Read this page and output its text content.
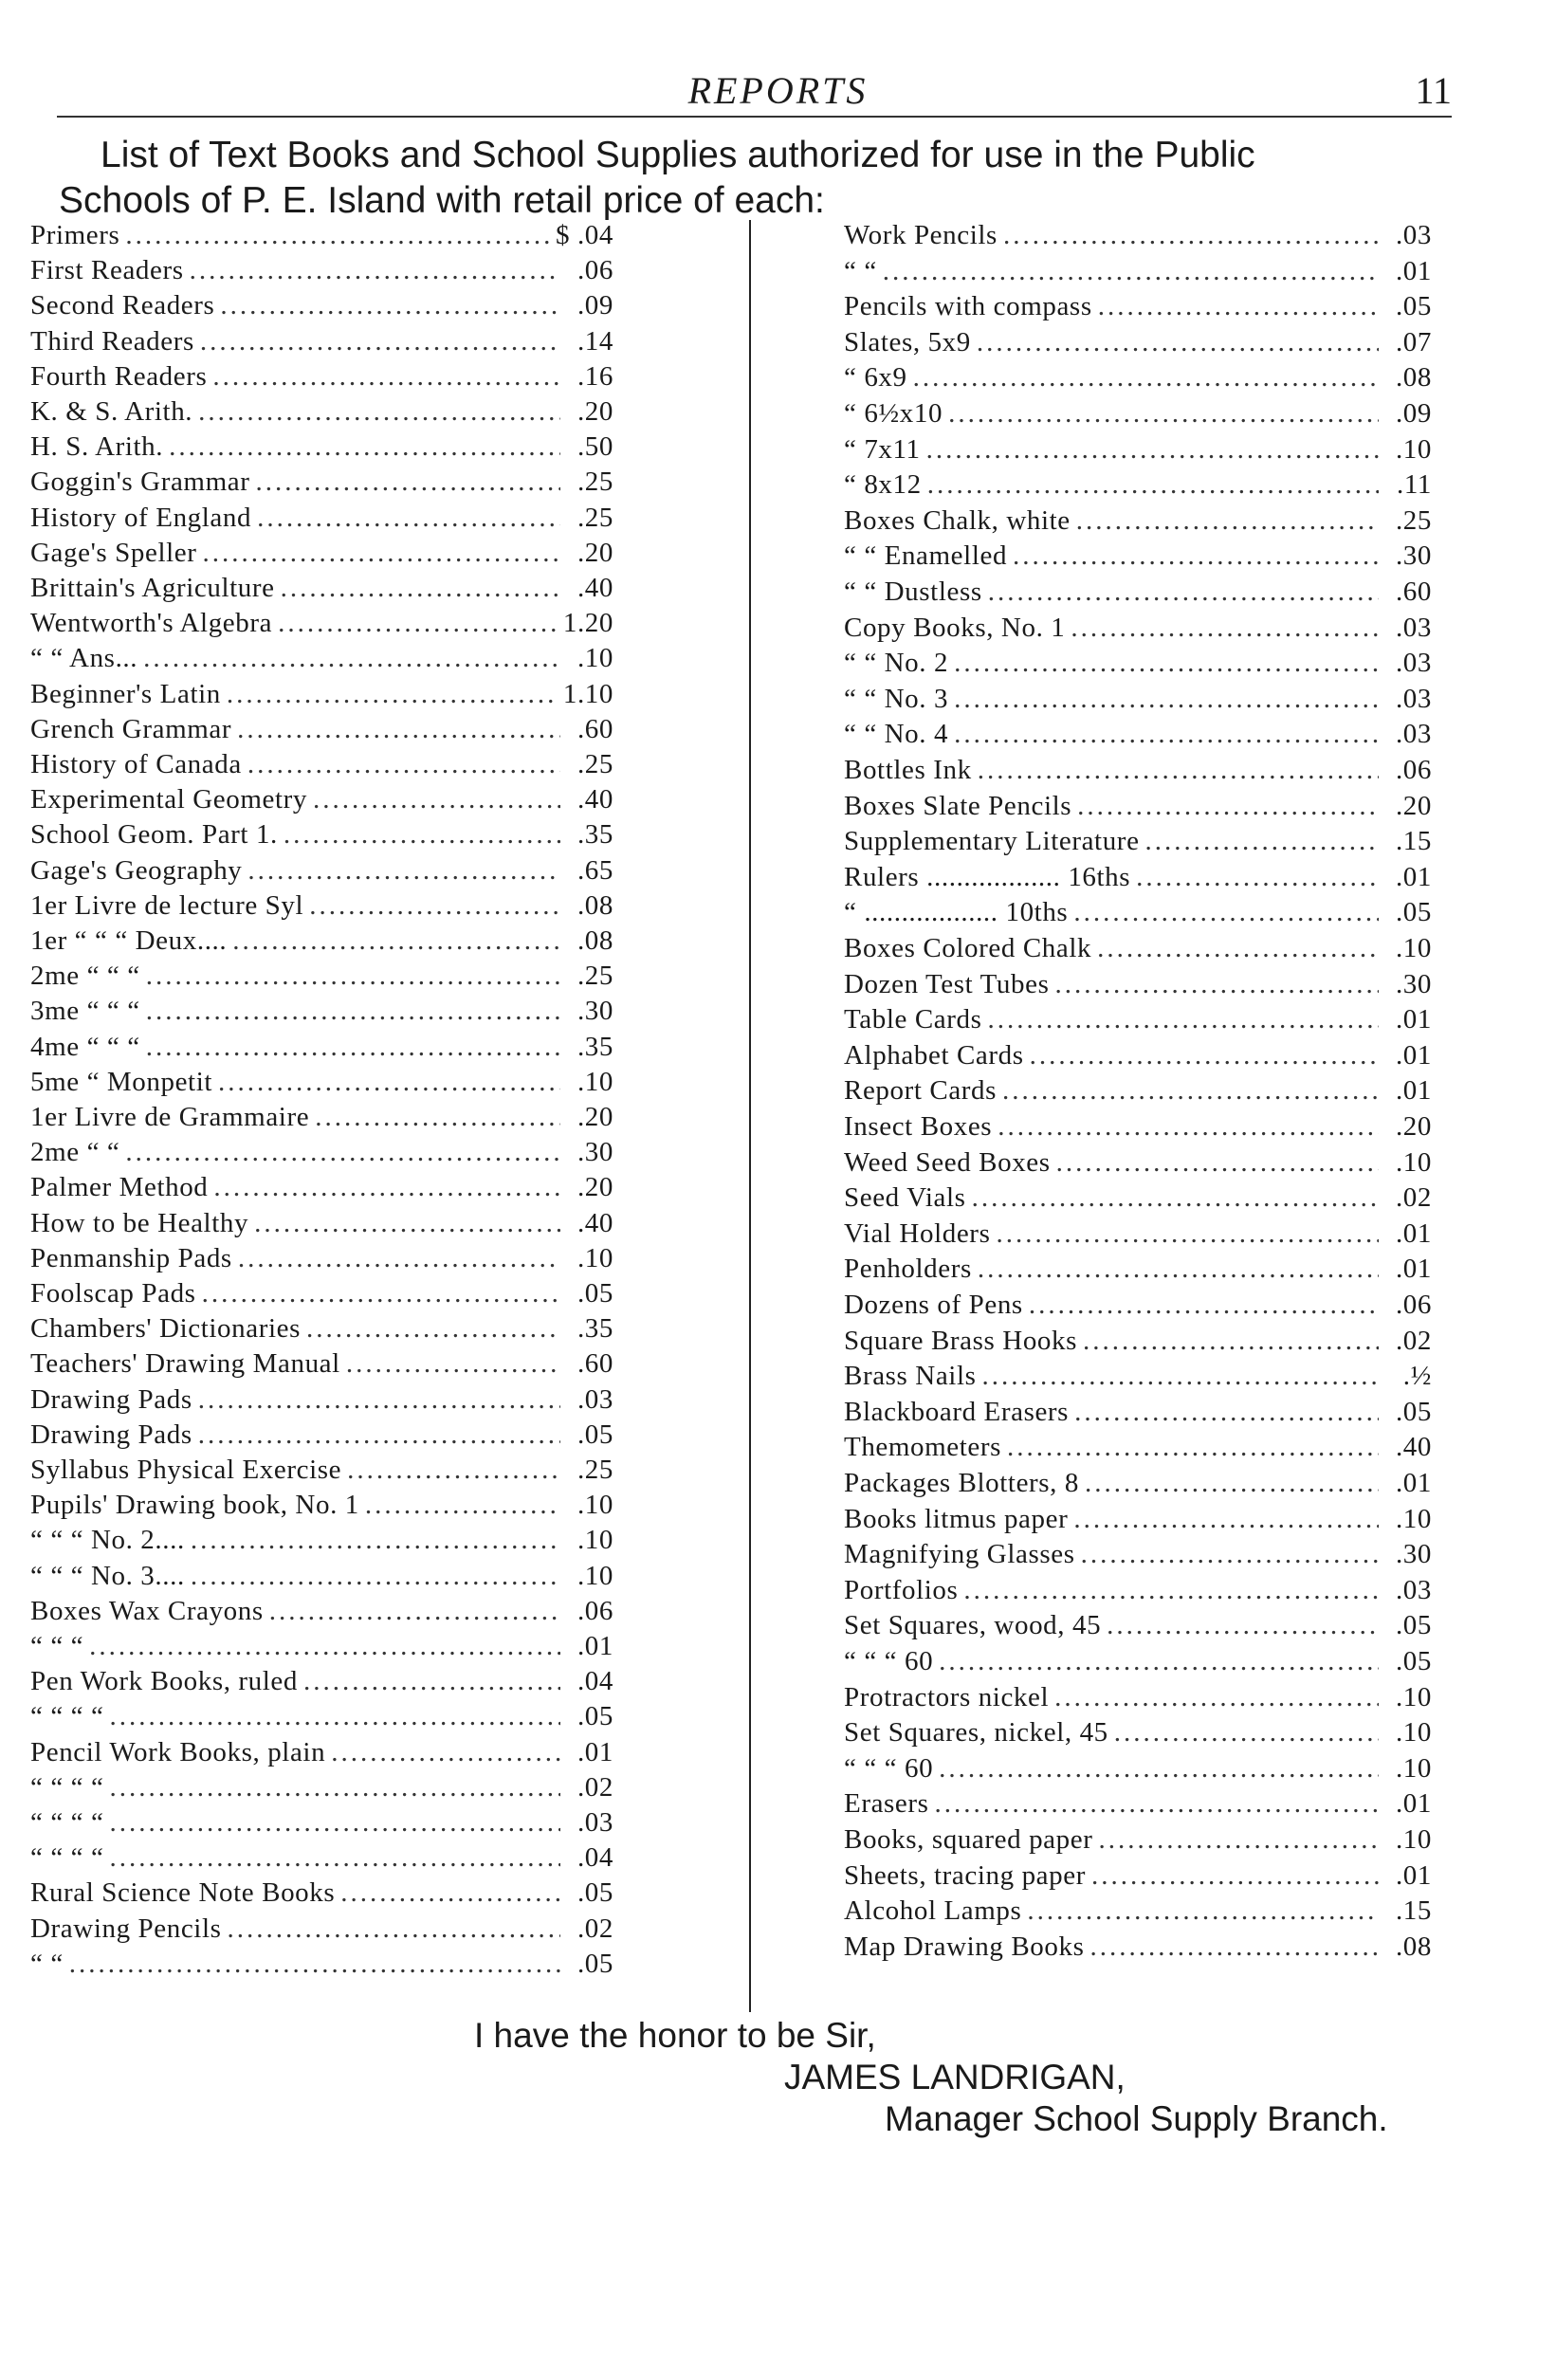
REPORTS	11
List of Text Books and School Supplies authorized for use in the Public
Schools of P. E. Island with retail price of each:
Primers .....	$ .04
First Readers .....	.06
Second Readers .....	.09
Third Readers .....	.14
Fourth Readers .....	.16
K. & S. Arith. .....	.20
H. S. Arith. .....	.50
Goggin's Grammar .....	.25
History of England .....	.25
Gage's Speller .....	.20
Brittain's Agriculture .....	.40
Wentworth's Algebra .....	1.20
“ “ Ans... .....	.10
Beginner's Latin .....	1.10
Grench Grammar .....	.60
History of Canada .....	.25
Experimental Geometry .....	.40
School Geom. Part 1. .....	.35
Gage's Geography .....	.65
1er Livre de lecture Syl .....	.08
1er “ “ “ Deux.... .....	.08
2me “ “ “ .....	.25
3me “ “ “ .....	.30
4me “ “ “ .....	.35
5me “ Monpetit .....	.10
1er Livre de Grammaire .....	.20
2me “ “ .....	.30
Palmer Method .....	.20
How to be Healthy .....	.40
Penmanship Pads .....	.10
Foolscap Pads .....	.05
Chambers' Dictionaries .....	.35
Teachers' Drawing Manual .....	.60
Drawing Pads .....	.03
Drawing Pads .....	.05
Syllabus Physical Exercise .....	.25
Pupils' Drawing book, No. 1 .....	.10
“ “ “ No. 2.... .....	.10
“ “ “ No. 3.... .....	.10
Boxes Wax Crayons .....	.06
“ “ “ .....	.01
Pen Work Books, ruled .....	.04
“ “ “ “ .....	.05
Pencil Work Books, plain .....	.01
“ “ “ “ .....	.02
“ “ “ “ .....	.03
“ “ “ “ .....	.04
Rural Science Note Books .....	.05
Drawing Pencils .....	.02
“ “ .....	.05
Work Pencils .....	.03
“ “ .....	.01
Pencils with compass .....	.05
Slates, 5x9 .....	.07
“ 6x9 .....	.08
“ 6½x10 .....	.09
“ 7x11 .....	.10
“ 8x12 .....	.11
Boxes Chalk, white .....	.25
“ “ Enamelled .....	.30
“ “ Dustless .....	.60
Copy Books, No. 1 .....	.03
“ “ No. 2 .....	.03
“ “ No. 3 .....	.03
“ “ No. 4 .....	.03
Bottles Ink .....	.06
Boxes Slate Pencils .....	.20
Supplementary Literature .....	.15
Rulers .................. 16ths .....	.01
“ .................. 10ths .....	.05
Boxes Colored Chalk .....	.10
Dozen Test Tubes .....	.30
Table Cards .....	.01
Alphabet Cards .....	.01
Report Cards .....	.01
Insect Boxes .....	.20
Weed Seed Boxes .....	.10
Seed Vials .....	.02
Vial Holders .....	.01
Penholders .....	.01
Dozens of Pens .....	.06
Square Brass Hooks .....	.02
Brass Nails .....	.½
Blackboard Erasers .....	.05
Themometers .....	.40
Packages Blotters, 8 .....	.01
Books litmus paper .....	.10
Magnifying Glasses .....	.30
Portfolios .....	.03
Set Squares, wood, 45 .....	.05
“ “ “ 60 .....	.05
Protractors nickel .....	.10
Set Squares, nickel, 45 .....	.10
“ “ “ 60 .....	.10
Erasers .....	.01
Books, squared paper .....	.10
Sheets, tracing paper .....	.01
Alcohol Lamps .....	.15
Map Drawing Books .....	.08
I have the honor to be Sir,
JAMES LANDRIGAN,
Manager School Supply Branch.
